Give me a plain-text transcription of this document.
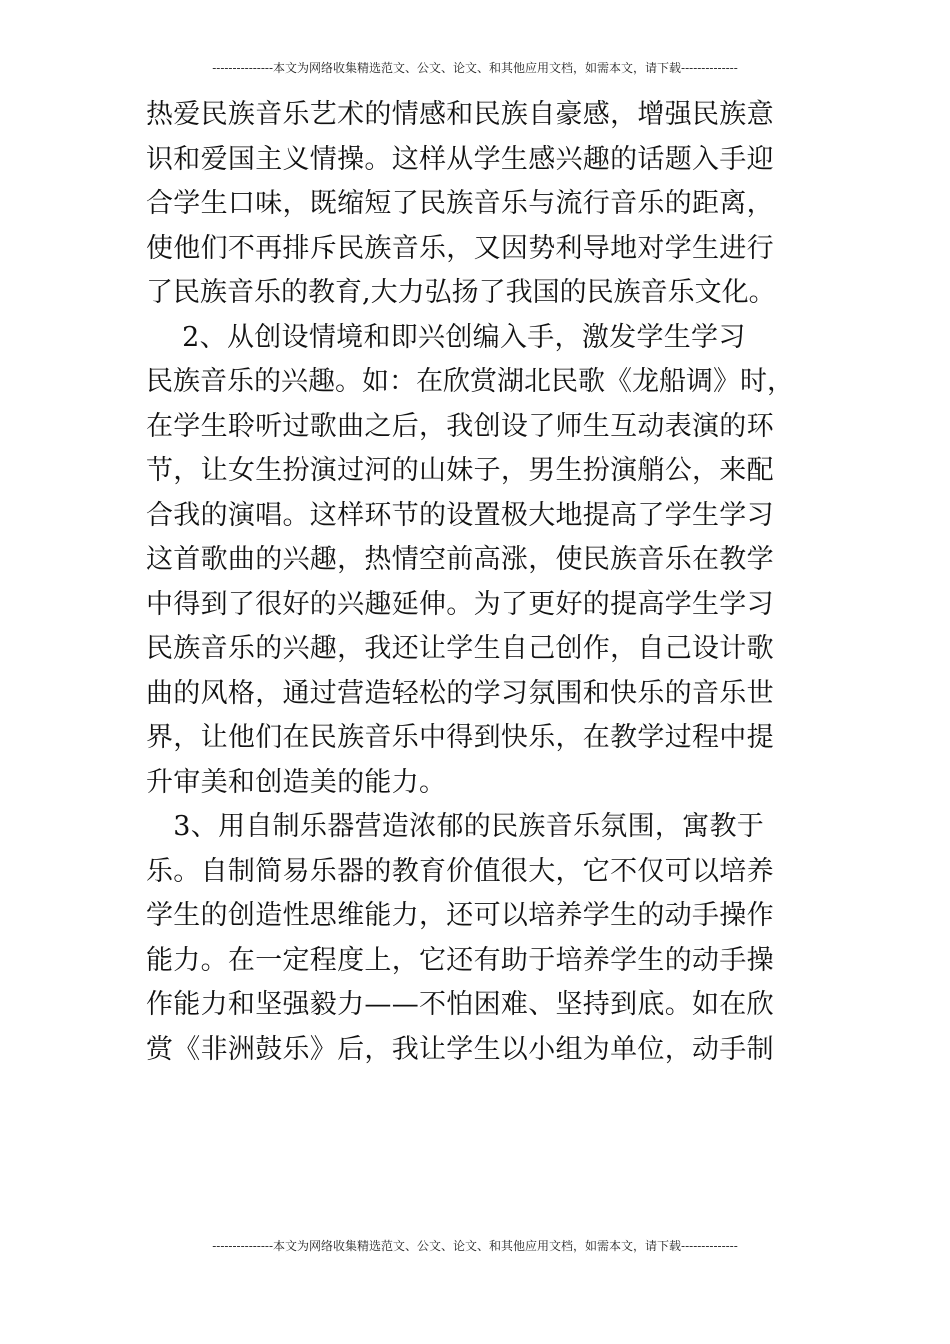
---------------本文为网络收集精选范文、公文、论文、和其他应用文档，如需本文，请下载--------------
热爱民族音乐艺术的情感和民族自豪感，增强民族意
识和爱国主义情操。这样从学生感兴趣的话题入手迎
合学生口味，既缩短了民族音乐与流行音乐的距离，
使他们不再排斥民族音乐，又因势利导地对学生进行
了民族音乐的教育,大力弘扬了我国的民族音乐文化。
　 2、从创设情境和即兴创编入手，激发学生学习
民族音乐的兴趣。如：在欣赏湖北民歌《龙船调》时，
在学生聆听过歌曲之后，我创设了师生互动表演的环
节，让女生扮演过河的山妹子，男生扮演艄公，来配
合我的演唱。这样环节的设置极大地提高了学生学习
这首歌曲的兴趣，热情空前高涨，使民族音乐在教学
中得到了很好的兴趣延伸。为了更好的提高学生学习
民族音乐的兴趣，我还让学生自己创作，自己设计歌
曲的风格，通过营造轻松的学习氛围和快乐的音乐世
界，让他们在民族音乐中得到快乐，在教学过程中提
升审美和创造美的能力。
　3、用自制乐器营造浓郁的民族音乐氛围，寓教于
乐。自制简易乐器的教育价值很大，它不仅可以培养
学生的创造性思维能力，还可以培养学生的动手操作
能力。在一定程度上，它还有助于培养学生的动手操
作能力和坚强毅力——不怕困难、坚持到底。如在欣
赏《非洲鼓乐》后，我让学生以小组为单位，动手制
---------------本文为网络收集精选范文、公文、论文、和其他应用文档，如需本文，请下载--------------
